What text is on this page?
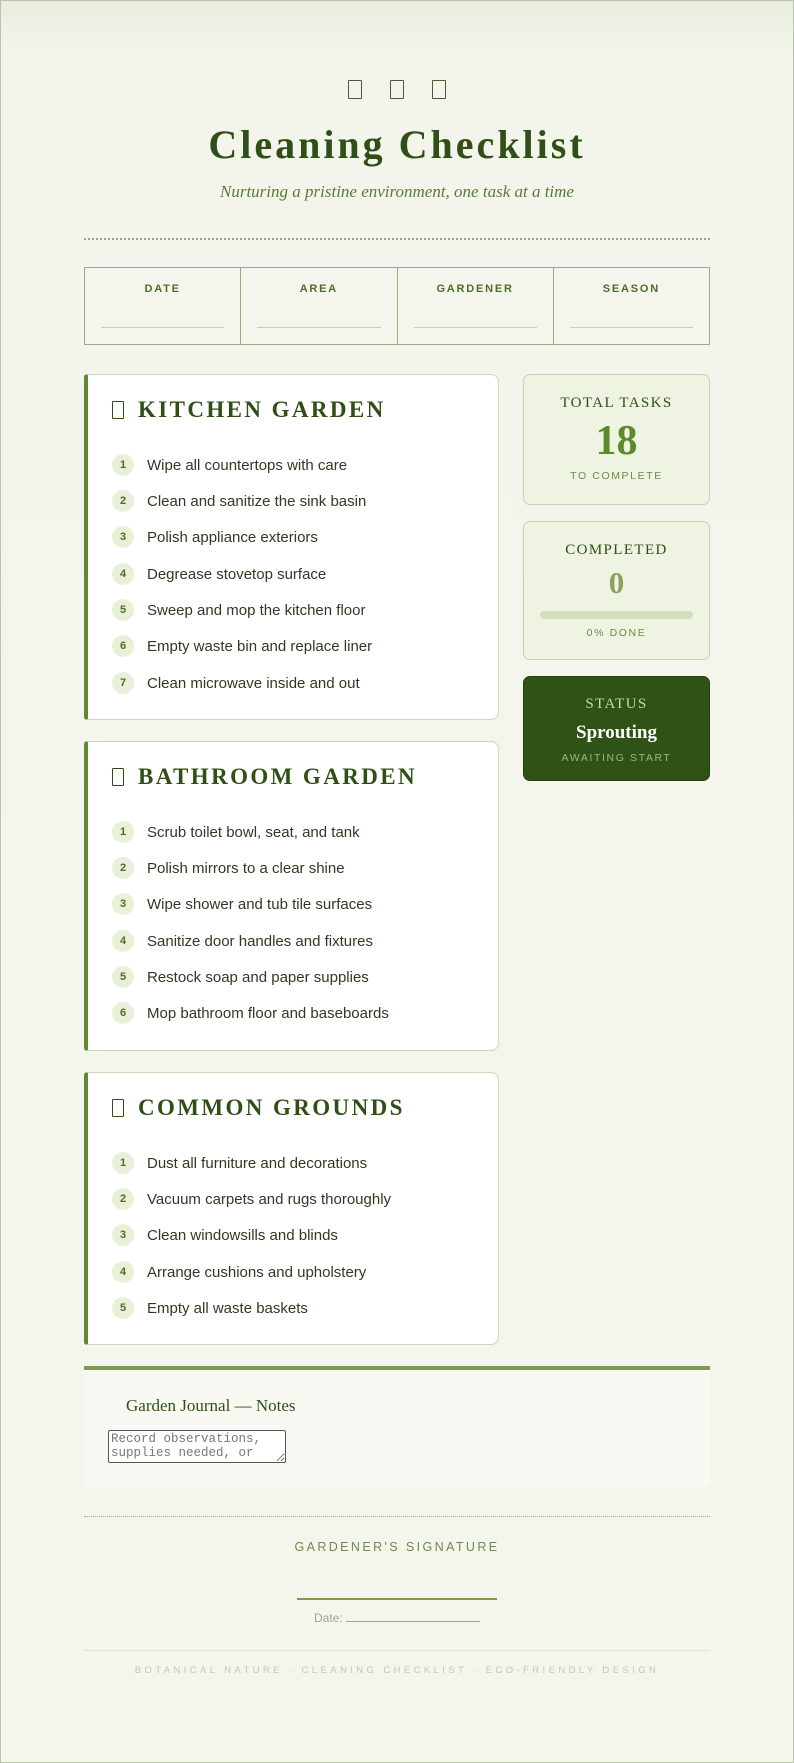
Cleaning Checklist
Nurturing a pristine environment, one task at a time
DATE	AREA	GARDENER	SEASON
KITCHEN GARDEN
1	Wipe all countertops with care
2	Clean and sanitize the sink basin
3	Polish appliance exteriors
4	Degrease stovetop surface
5	Sweep and mop the kitchen floor
6	Empty waste bin and replace liner
7	Clean microwave inside and out
BATHROOM GARDEN
1	Scrub toilet bowl, seat, and tank
2	Polish mirrors to a clear shine
3	Wipe shower and tub tile surfaces
4	Sanitize door handles and fixtures
5	Restock soap and paper supplies
6	Mop bathroom floor and baseboards
COMMON GROUNDS
1	Dust all furniture and decorations
2	Vacuum carpets and rugs thoroughly
3	Clean windowsills and blinds
4	Arrange cushions and upholstery
5	Empty all waste baskets
TOTAL TASKS
18
TO COMPLETE
COMPLETED
0
0% DONE
STATUS
Sprouting
AWAITING START
Garden Journal — Notes
Record observations, supplies needed, or
GARDENER'S SIGNATURE
Date:
BOTANICAL NATURE · CLEANING CHECKLIST · ECO-FRIENDLY DESIGN
